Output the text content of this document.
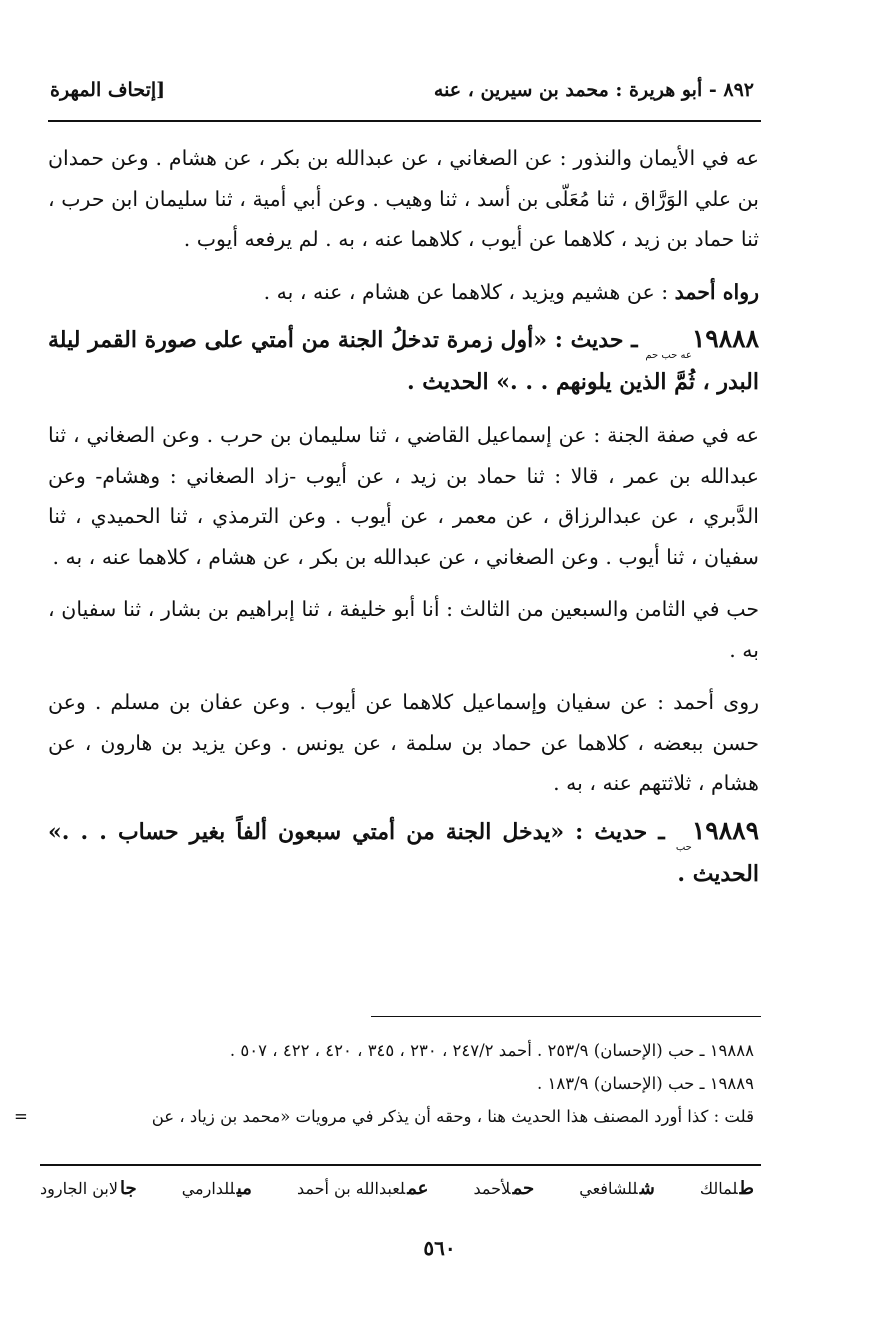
٨٩٢ - أبو هريرة : محمد بن سيرين ، عنه
[إتحاف المهرة

عه في الأيمان والنذور : عن الصغاني ، عن عبدالله بن بكر ، عن هشام . وعن حمدان بن علي الوَرَّاق ، ثنا مُعَلّى بن أسد ، ثنا وهيب . وعن أبي أمية ، ثنا سليمان ابن حرب ، ثنا حماد بن زيد ، كلاهما عن أيوب ، كلاهما عنه ، به . لم يرفعه أيوب .

رواه أحمد : عن هشيم ويزيد ، كلاهما عن هشام ، عنه ، به .

١٩٨٨٨عه حب حم ـ حديث : «أول زمرة تدخلُ الجنة من أمتي على صورة القمر ليلة البدر ، ثُمَّ الذين يلونهم . . .» الحديث .

عه في صفة الجنة : عن إسماعيل القاضي ، ثنا سليمان بن حرب . وعن الصغاني ، ثنا عبدالله بن عمر ، قالا : ثنا حماد بن زيد ، عن أيوب -زاد الصغاني : وهشام- وعن الدَّبري ، عن عبدالرزاق ، عن معمر ، عن أيوب . وعن الترمذي ، ثنا الحميدي ، ثنا سفيان ، ثنا أيوب . وعن الصغاني ، عن عبدالله بن بكر ، عن هشام ، كلاهما عنه ، به .

حب في الثامن والسبعين من الثالث : أنا أبو خليفة ، ثنا إبراهيم بن بشار ، ثنا سفيان ، به .

روى أحمد : عن سفيان وإسماعيل كلاهما عن أيوب . وعن عفان بن مسلم . وعن حسن ببعضه ، كلاهما عن حماد بن سلمة ، عن يونس . وعن يزيد بن هارون ، عن هشام ، ثلاثتهم عنه ، به .

١٩٨٨٩حب ـ حديث : «يدخل الجنة من أمتي سبعون ألفاً بغير حساب . . .» الحديث .

١٩٨٨٨ ـ حب (الإحسان) ٢٥٣/٩ . أحمد ٢٤٧/٢ ، ٢٣٠ ، ٣٤٥ ، ٤٢٠ ، ٤٢٢ ، ٥٠٧ .
١٩٨٨٩ ـ حب (الإحسان) ١٨٣/٩ .
قلت : كذا أورد المصنف هذا الحديث هنا ، وحقه أن يذكر في مرويات «محمد بن زياد ، عن
=
طلمالك
شللشافعي
حملأحمد
عملعبدالله بن أحمد
ميللدارمي
جالابن الجارود
٥٦٠
